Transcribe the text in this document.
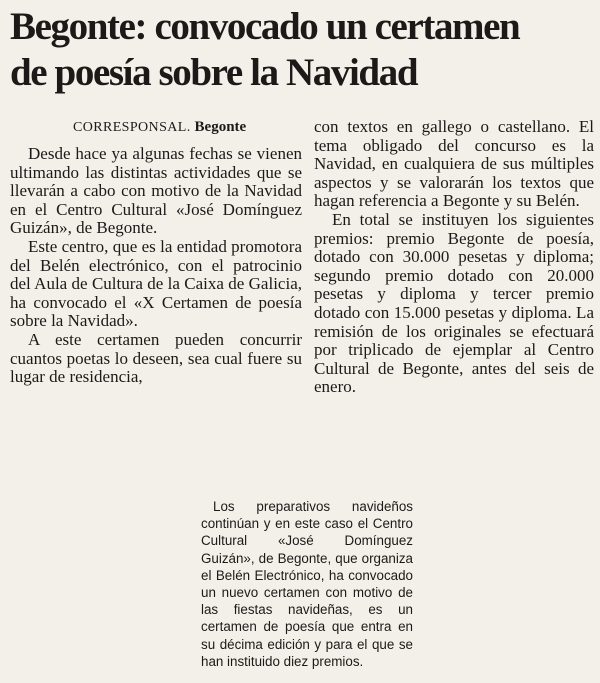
Begonte: convocado un certamen
de poesía sobre la Navidad
CORRESPONSAL. Begonte

Desde hace ya algunas fechas se vienen ultimando las distintas actividades que se llevarán a cabo con motivo de la Navidad en el Centro Cultural «José Domínguez Guizán», de Begonte.

Este centro, que es la entidad promotora del Belén electrónico, con el patrocinio del Aula de Cultura de la Caixa de Galicia, ha convocado el «X Certamen de poesía sobre la Navidad».

A este certamen pueden concurrir cuantos poetas lo deseen, sea cual fuere su lugar de residencia,

con textos en gallego o castellano. El tema obligado del concurso es la Navidad, en cualquiera de sus múltiples aspectos y se valorarán los textos que hagan referencia a Begonte y su Belén.

En total se instituyen los siguientes premios: premio Begonte de poesía, dotado con 30.000 pesetas y diploma; segundo premio dotado con 20.000 pesetas y diploma y tercer premio dotado con 15.000 pesetas y diploma. La remisión de los originales se efectuará por triplicado de ejemplar al Centro Cultural de Begonte, antes del seis de enero.

Los preparativos navideños continúan y en este caso el Centro Cultural «José Domínguez Guizán», de Begonte, que organiza el Belén Electrónico, ha convocado un nuevo certamen con motivo de las fiestas navideñas, es un certamen de poesía que entra en su décima edición y para el que se han instituido diez premios.
